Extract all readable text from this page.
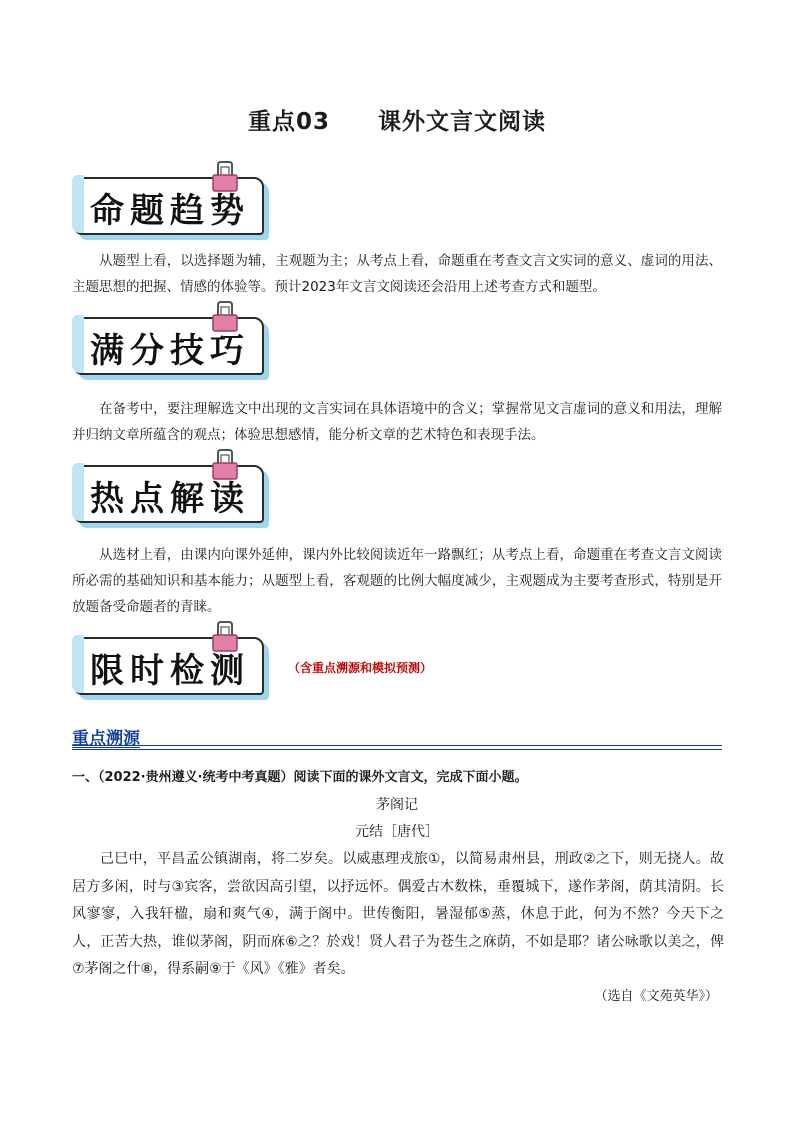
重点03 课外文言文阅读
命题趋势
从题型上看，以选择题为辅，主观题为主；从考点上看，命题重在考查文言文实词的意义、虚词的用法、主题思想的把握、情感的体验等。预计2023年文言文阅读还会沿用上述考查方式和题型。
满分技巧
在备考中，要注理解选文中出现的文言实词在具体语境中的含义；掌握常见文言虚词的意义和用法，理解并归纳文章所蕴含的观点；体验思想感情，能分析文章的艺术特色和表现手法。
热点解读
从选材上看，由课内向课外延伸，课内外比较阅读近年一路飘红；从考点上看，命题重在考查文言文阅读所必需的基础知识和基本能力；从题型上看，客观题的比例大幅度减少，主观题成为主要考查形式，特别是开放题备受命题者的青睐。
限时检测	（含重点溯源和模拟预测）
重点溯源
一、（2022·贵州遵义·统考中考真题）阅读下面的课外文言文，完成下面小题。
茅阁记
元结［唐代］
己巳中，平昌孟公镇湖南，将二岁矣。以威惠理戎旅①，以简易肃州县，刑政②之下，则无挠人。故居方多闲，时与③宾客，尝欲因高引望，以抒远怀。偶爱古木数株，垂覆城下，遂作茅阁，荫其清阴。长风寥寥，入我轩楹，扇和爽气④，满于阁中。世传衡阳，暑湿郁⑤蒸，休息于此，何为不然？今天下之人，正苦大热，谁似茅阁，阴而庥⑥之？於戏！贤人君子为苍生之庥荫，不如是耶？诸公咏歌以美之，俾⑦茅阁之什⑧，得系嗣⑨于《风》《雅》者矣。
（选自《文苑英华》）
